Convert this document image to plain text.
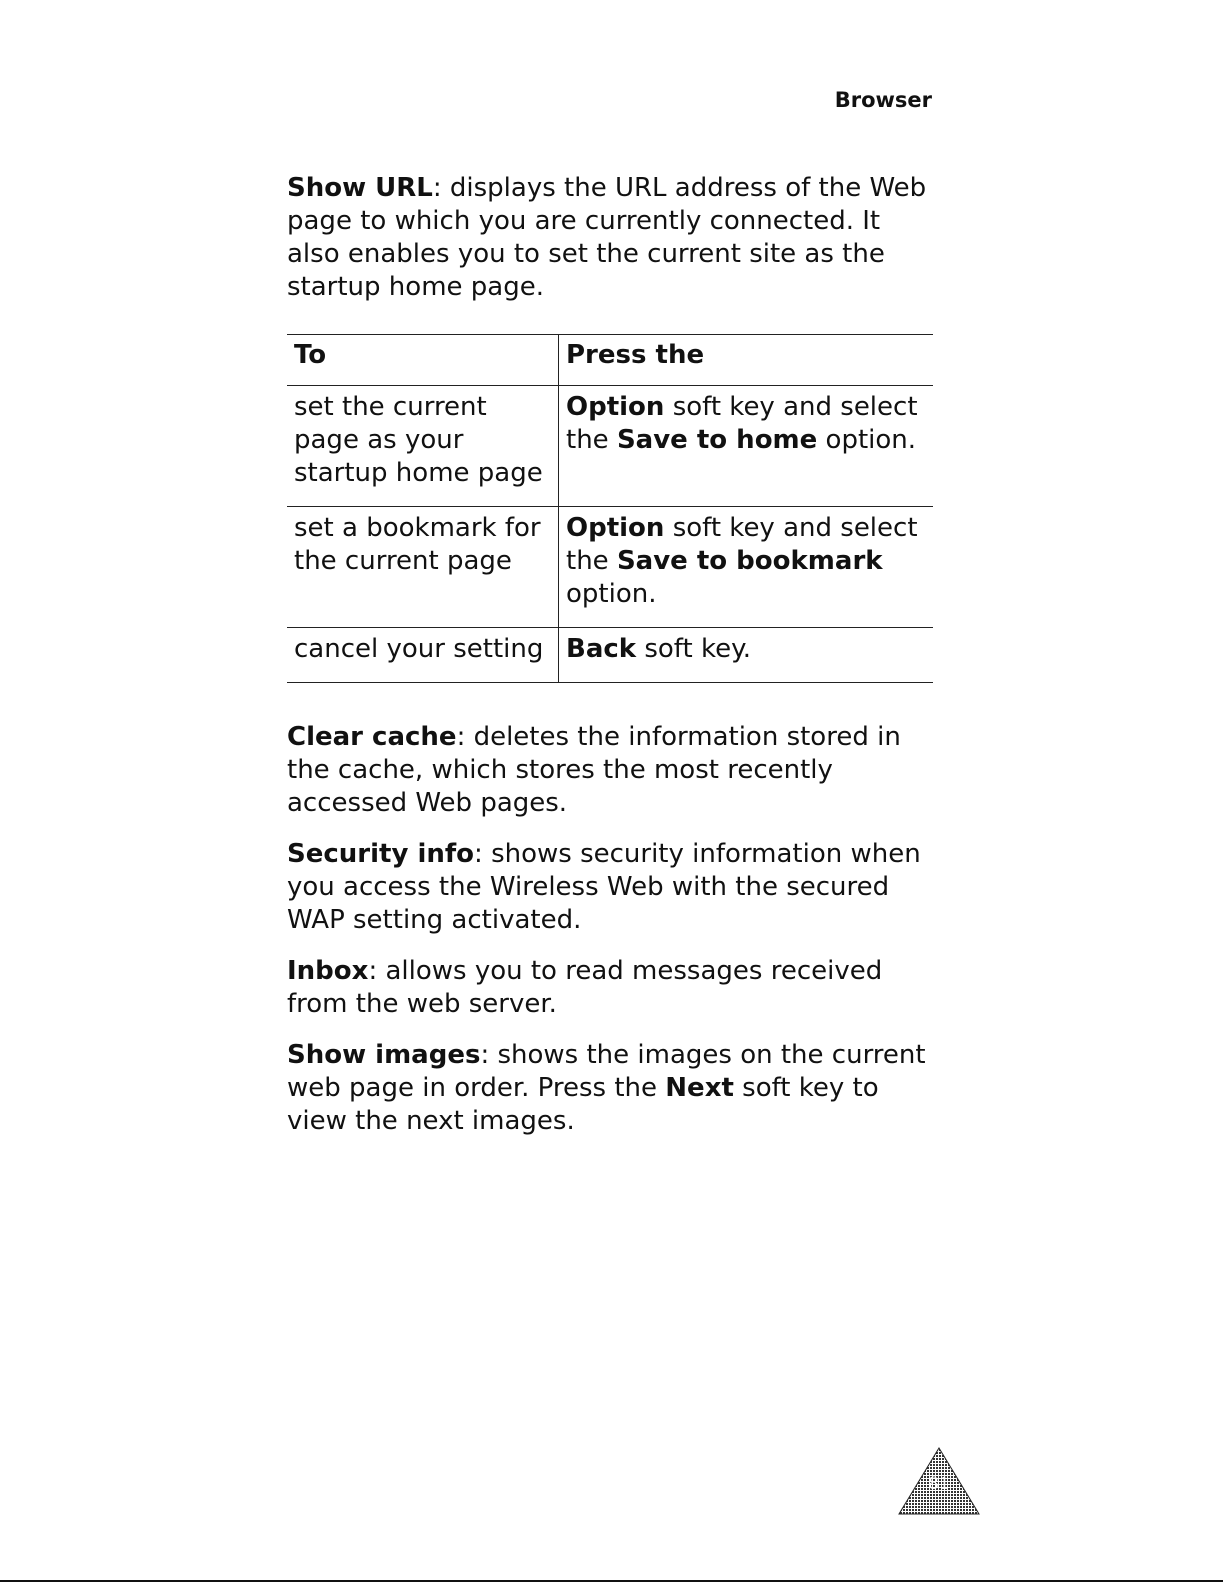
Browser

Show URL: displays the URL address of the Web page to which you are currently connected. It also enables you to set the current site as the startup home page.

To	Press the
set the current page as your startup home page	Option soft key and select the Save to home option.
set a bookmark for the current page	Option soft key and select the Save to bookmark option.
cancel your setting	Back soft key.

Clear cache: deletes the information stored in the cache, which stores the most recently accessed Web pages.

Security info: shows security information when you access the Wireless Web with the secured WAP setting activated.

Inbox: allows you to read messages received from the web server.

Show images: shows the images on the current web page in order. Press the Next soft key to view the next images.

81
